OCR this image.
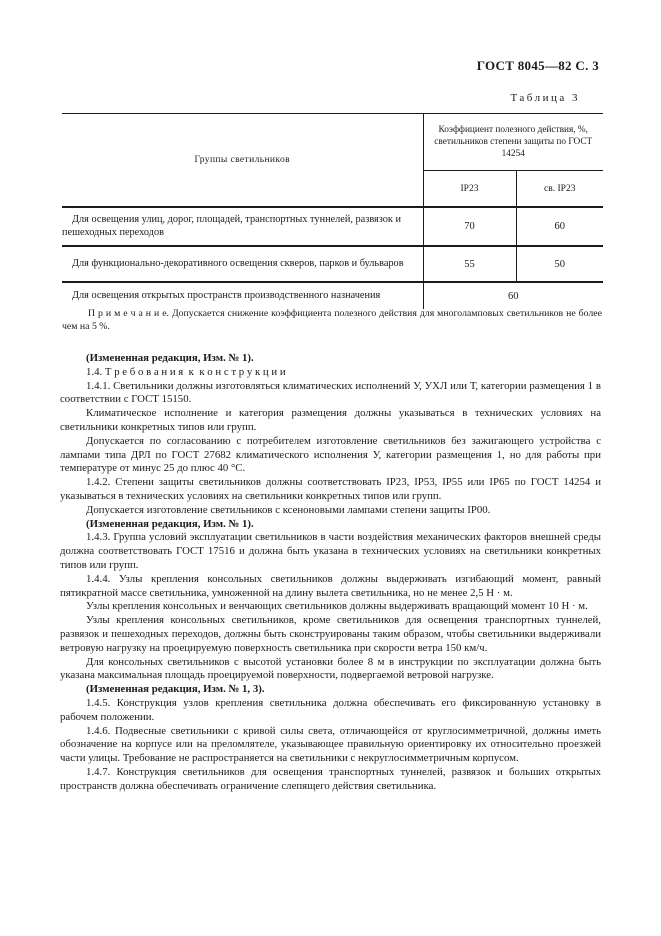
ГОСТ 8045—82 С. 3
Таблица 3
Группы светильников	Коэффициент полезного действия, %, светильников степени защиты по ГОСТ 14254	
	IP23	св. IP23
Для освещения улиц, дорог, площадей, транспортных туннелей, развязок и пешеходных переходов	70	60
Для функционально-декоративного освещения скверов, парков и бульваров	55	50
Для освещения открытых пространств производственного назначения	60	
П р и м е ч а н и е. Допускается снижение коэффициента полезного действия для многоламповых светильников не более чем на 5 %.

(Измененная редакция, Изм. № 1).

1.4. Т р е б о в а н и я  к  к о н с т р у к ц и и

1.4.1. Светильники должны изготовляться климатических исполнений У, УХЛ или Т, категории размещения 1 в соответствии с ГОСТ 15150.

Климатическое исполнение и категория размещения должны указываться в технических условиях на светильники конкретных типов или групп.

Допускается по согласованию с потребителем изготовление светильников без зажигающего устройства с лампами типа ДРЛ по ГОСТ 27682 климатического исполнения У, категории размещения 1, но для работы при температуре от минус 25 до плюс 40 °С.

1.4.2. Степени защиты светильников должны соответствовать IP23, IP53, IP55 или IP65 по ГОСТ 14254 и указываться в технических условиях на светильники конкретных типов или групп.

Допускается изготовление светильников с ксеноновыми лампами степени защиты IP00.

(Измененная редакция, Изм. № 1).

1.4.3. Группа условий эксплуатации светильников в части воздействия механических факторов внешней среды должна соответствовать ГОСТ 17516 и должна быть указана в технических условиях на светильники конкретных типов или групп.

1.4.4. Узлы крепления консольных светильников должны выдерживать изгибающий момент, равный пятикратной массе светильника, умноженной на длину вылета светильника, но не менее 2,5 Н · м.

Узлы крепления консольных и венчающих светильников должны выдерживать вращающий момент 10 Н · м.

Узлы крепления консольных светильников, кроме светильников для освещения транспортных туннелей, развязок и пешеходных переходов, должны быть сконструированы таким образом, чтобы светильники выдерживали ветровую нагрузку на проецируемую поверхность светильника при скорости ветра 150 км/ч.

Для консольных светильников с высотой установки более 8 м в инструкции по эксплуатации должна быть указана максимальная площадь проецируемой поверхности, подвергаемой ветровой нагрузке.

(Измененная редакция, Изм. № 1, 3).

1.4.5. Конструкция узлов крепления светильника должна обеспечивать его фиксированную установку в рабочем положении.

1.4.6. Подвесные светильники с кривой силы света, отличающейся от круглосимметричной, должны иметь обозначение на корпусе или на преломлятеле, указывающее правильную ориентировку их относительно проезжей части улицы. Требование не распространяется на светильники с некруглосимметричным корпусом.

1.4.7. Конструкция светильников для освещения транспортных туннелей, развязок и больших открытых пространств должна обеспечивать ограничение слепящего действия светильника.
